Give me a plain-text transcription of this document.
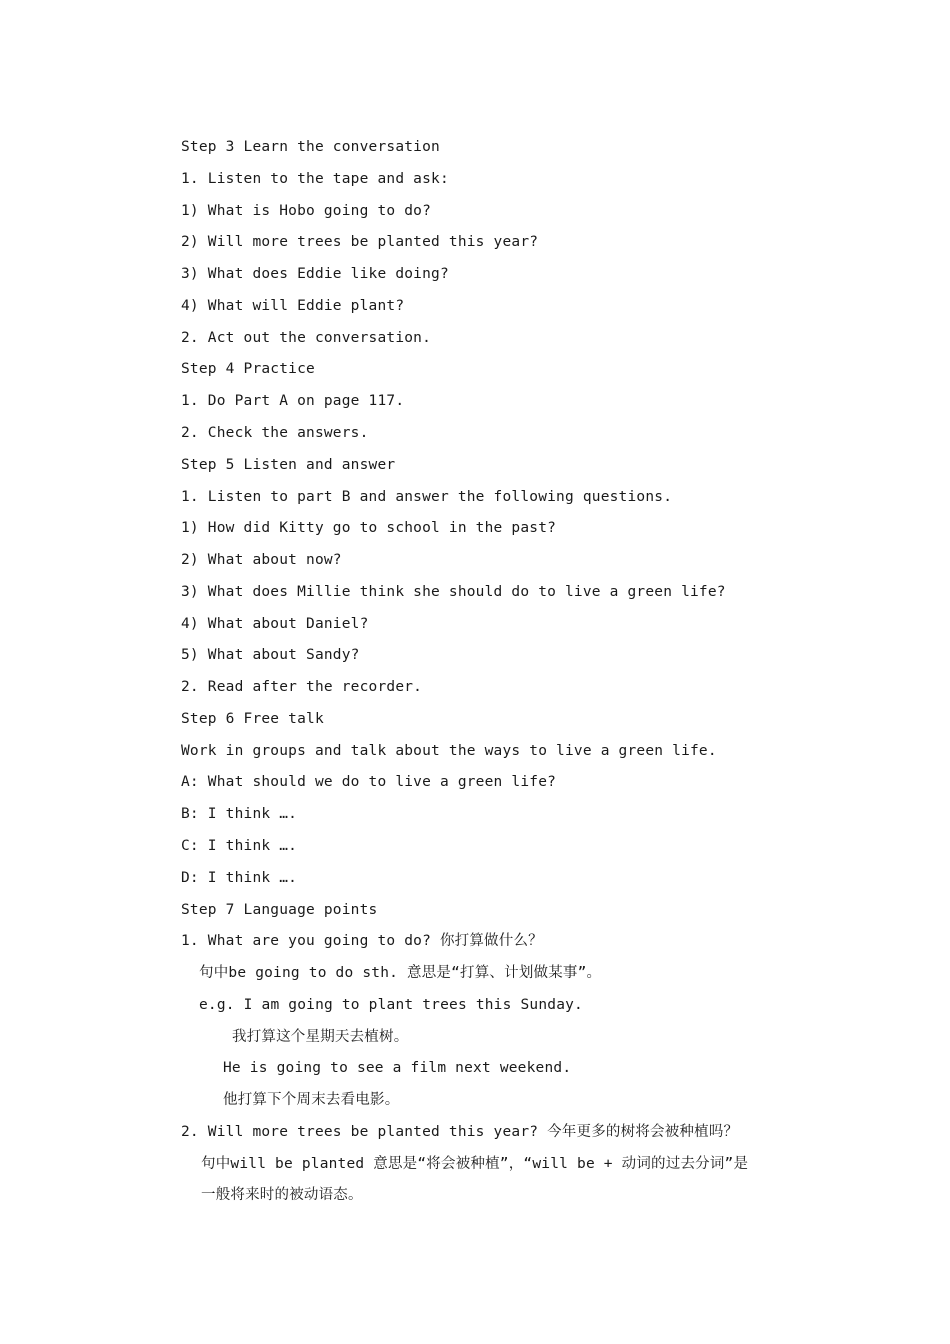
Step 3 Learn the conversation
1. Listen to the tape and ask:
1) What is Hobo going to do?
2) Will more trees be planted this year?
3) What does Eddie like doing?
4) What will Eddie plant?
2. Act out the conversation.
Step 4 Practice
1. Do Part A on page 117.
2. Check the answers.
Step 5 Listen and answer
1. Listen to part B and answer the following questions.
1) How did Kitty go to school in the past?
2) What about now?
3) What does Millie think she should do to live a green life?
4) What about Daniel?
5) What about Sandy?
2. Read after the recorder.
Step 6 Free talk
Work in groups and talk about the ways to live a green life.
A: What should we do to live a green life?
B: I think ….
C: I think ….
D: I think ….
Step 7 Language points
1. What are you going to do? 你打算做什么？
句中be going to do sth. 意思是“打算、计划做某事”。
e.g. I am going to plant trees this Sunday.
我打算这个星期天去植树。
He is going to see a film next weekend.
他打算下个周末去看电影。
2. Will more trees be planted this year? 今年更多的树将会被种植吗？
句中will be planted 意思是“将会被种植”，“will be + 动词的过去分词”是
一般将来时的被动语态。
